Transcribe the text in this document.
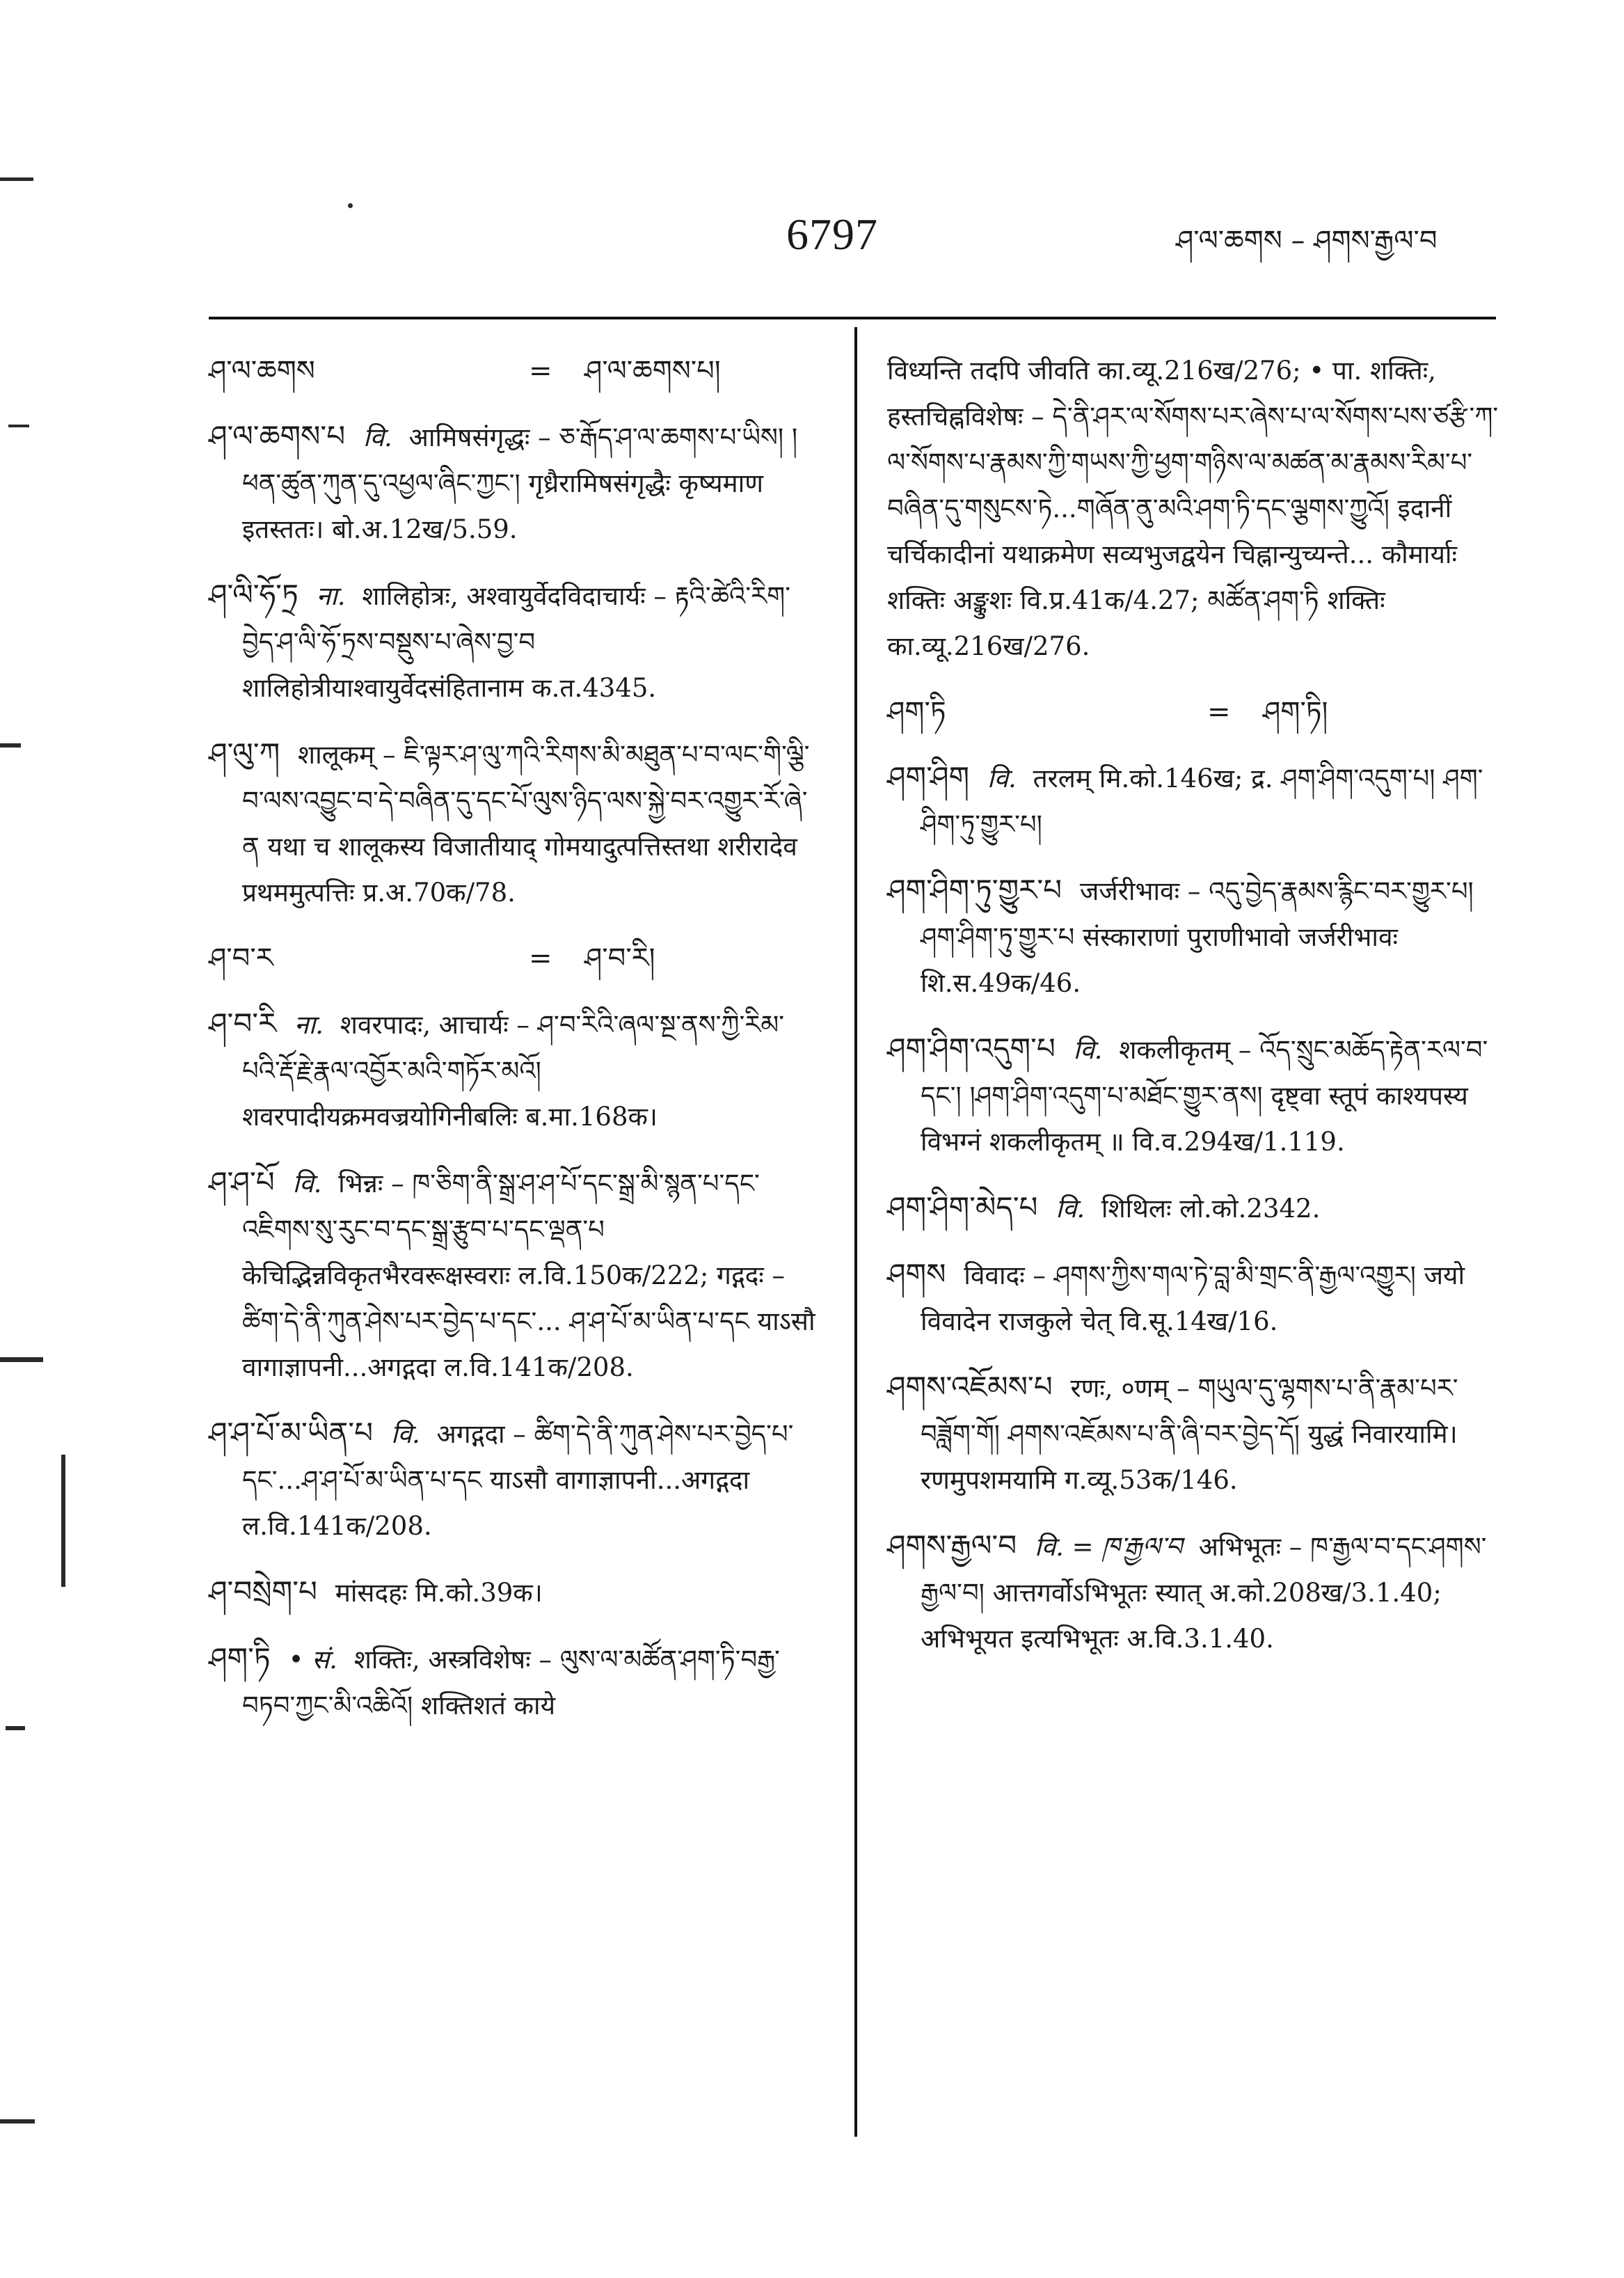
6797	ཤ་ལ་ཆགས – ཤགས་རྒྱལ་བ
ཤ་ལ་ཆགས	=	ཤ་ལ་ཆགས་པ།
ཤ་ལ་ཆགས་པ वि. आमिषसंगृद्धः – ཅ་རྒོད་ཤ་ལ་ཆགས་པ་ཡིས། །ཕན་ཚུན་ཀུན་དུ་འཕྱལ་ཞིང་ཀྱང་། गृध्रैरामिषसंगृद्धैः कृष्यमाण इतस्ततः। बो.अ.12ख/5.59.
ཤ་ལི་ཧོ་ཏྲ ना. शालिहोत्रः, अश्वायुर्वेदविदाचार्यः – རྟའི་ཚེའི་རིག་བྱེད་ཤ་ལི་ཧོ་ཏྲས་བསྡུས་པ་ཞེས་བྱ་བ शालिहोत्रीयाश्वायुर्वेदसंहितानाम क.त.4345.
ཤ་ལུ་ཀ शालूकम् – ཇི་ལྟར་ཤ་ལུ་ཀའི་རིགས་མི་མཐུན་པ་བ་ལང་གི་ལྕི་བ་ལས་འབྱུང་བ་དེ་བཞིན་དུ་དང་པོ་ལུས་ཉིད་ལས་སྐྱེ་བར་འགྱུར་རོ་ཞེ་ན यथा च शालूकस्य विजातीयाद् गोमयादुत्पत्तिस्तथा शरीरादेव प्रथममुत्पत्तिः प्र.अ.70क/78.
ཤ་བ་ར	=	ཤ་བ་རི།
ཤ་བ་རི ना. शवरपादः, आचार्यः – ཤ་བ་རིའི་ཞལ་སྔ་ནས་ཀྱི་རིམ་པའི་རྡོ་རྗེ་རྣལ་འབྱོར་མའི་གཏོར་མའོ། शवरपादीयक्रमवज्रयोगिनीबलिः ब.मा.168क।
ཤ་ཤ་པོ वि. भिन्नः – ཁ་ཅིག་ནི་སྒྲ་ཤ་ཤ་པོ་དང་སྒྲ་མི་སྙན་པ་དང་འཇིགས་སུ་རུང་བ་དང་སྒྲ་རྩུབ་པ་དང་ལྡན་པ केचिद्भिन्नविकृतभैरवरूक्षस्वराः ल.वि.150क/222; गद्गदः – ཚིག་དེ་ནི་ཀུན་ཤེས་པར་བྱེད་པ་དང་... ཤ་ཤ་པོ་མ་ཡིན་པ་དང याऽसौ वागाज्ञापनी...अगद्गदा ल.वि.141क/208.
ཤ་ཤ་པོ་མ་ཡིན་པ वि. अगद्गदा – ཚིག་དེ་ནི་ཀུན་ཤེས་པར་བྱེད་པ་དང་...ཤ་ཤ་པོ་མ་ཡིན་པ་དང याऽसौ वागाज्ञापनी...अगद्गदा ल.वि.141क/208.
ཤ་བསྲེག་པ मांसदहः मि.को.39क।
ཤག་ཏི • सं. शक्तिः, अस्त्रविशेषः – ལུས་ལ་མཚོན་ཤག་ཏི་བརྒྱ་བཏབ་ཀྱང་མི་འཆིའོ། शक्तिशतं काये
विध्यन्ति तदपि जीवति का.व्यू.216ख/276; • पा. शक्तिः, हस्तचिह्नविशेषः – དེ་ནི་ཤར་ལ་སོགས་པར་ཞེས་པ་ལ་སོགས་པས་ཙརྩི་ཀ་ལ་སོགས་པ་རྣམས་ཀྱི་གཡས་ཀྱི་ཕྱག་གཉིས་ལ་མཚན་མ་རྣམས་རིམ་པ་བཞིན་དུ་གསུངས་ཏེ...གཞོན་ནུ་མའི་ཤག་ཏི་དང་ལྕགས་ཀྱུའོ། इदानीं चर्चिकादीनां यथाक्रमेण सव्यभुजद्वयेन चिह्नान्युच्यन्ते... कौमार्याः शक्तिः अङ्कुशः वि.प्र.41क/4.27; མཚོན་ཤག་ཏི शक्तिः का.व्यू.216ख/276.
ཤག་ཏི	=	ཤག་ཏི།
ཤག་ཤིག वि. तरलम् मि.को.146ख; द्र. ཤག་ཤིག་འདུག་པ། ཤག་ཤིག་ཏུ་གྱུར་པ།
ཤག་ཤིག་ཏུ་གྱུར་པ जर्जरीभावः – འདུ་བྱེད་རྣམས་རྙིང་བར་གྱུར་པ། ཤག་ཤིག་ཏུ་གྱུར་པ संस्काराणां पुराणीभावो जर्जरीभावः शि.स.49क/46.
ཤག་ཤིག་འདུག་པ वि. शकलीकृतम् – འོད་སྲུང་མཆོད་རྟེན་རལ་བ་དང་། །ཤག་ཤིག་འདུག་པ་མཐོང་གྱུར་ནས། दृष्ट्वा स्तूपं काश्यपस्य विभग्नं शकलीकृतम् ॥ वि.व.294ख/1.119.
ཤག་ཤིག་མེད་པ वि. शिथिलः लो.को.2342.
ཤགས विवादः – ཤགས་ཀྱིས་གལ་ཏེ་བླ་མི་གྲང་ནི་རྒྱལ་འགྱུར། जयो विवादेन राजकुले चेत् वि.सू.14ख/16.
ཤགས་འཇོམས་པ रणः, ०णम् – གཡུལ་དུ་ལྷགས་པ་ནི་རྣམ་པར་བཟློག་གོ། ཤགས་འཇོམས་པ་ནི་ཞི་བར་བྱེད་དོ། युद्धं निवारयामि। रणमुपशमयामि ग.व्यू.53क/146.
ཤགས་རྒྱལ་བ वि. = ཁ་རྒྱལ་བ अभिभूतः – ཁ་རྒྱལ་བ་དང་ཤགས་རྒྱལ་བ། आत्तगर्वोऽभिभूतः स्यात् अ.को.208ख/3.1.40; अभिभूयत इत्यभिभूतः अ.वि.3.1.40.
